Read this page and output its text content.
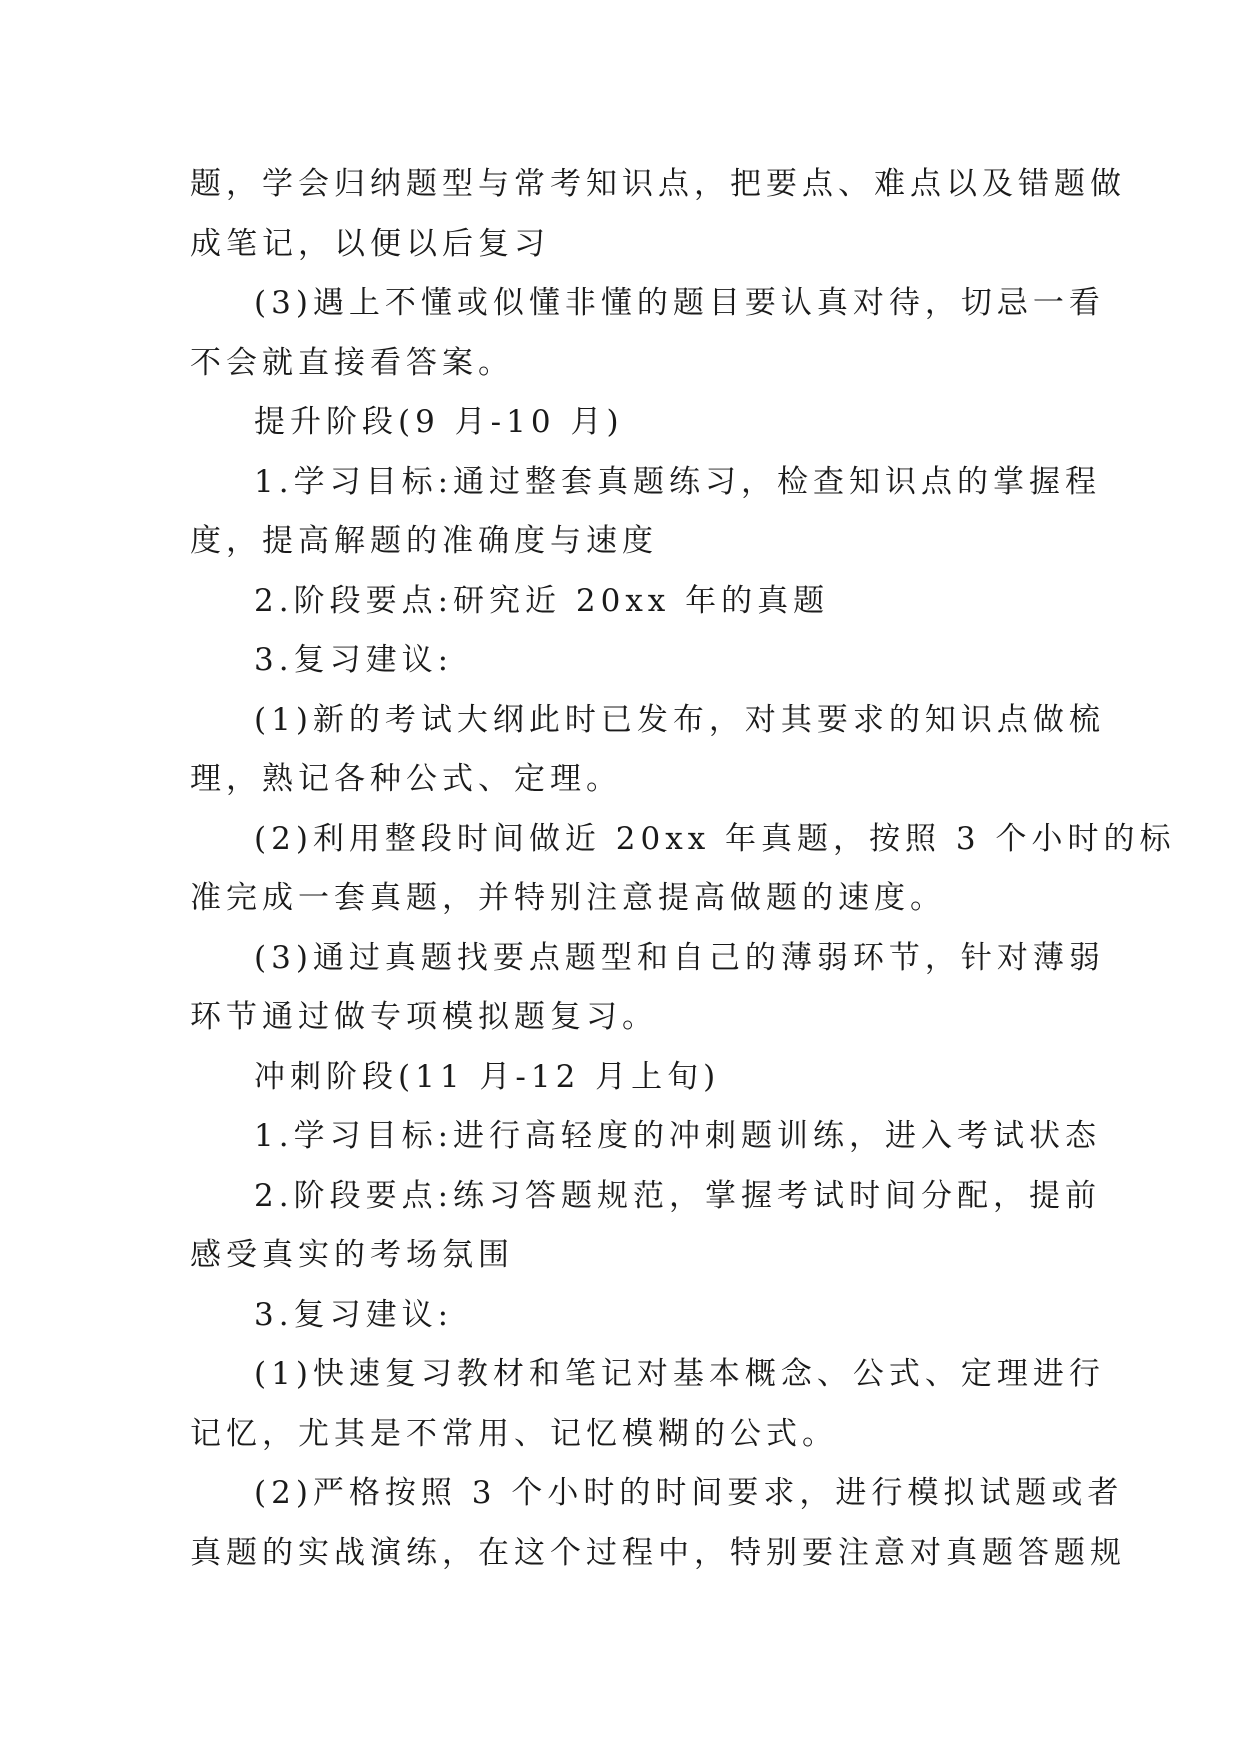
题，学会归纳题型与常考知识点，把要点、难点以及错题做

成笔记，以便以后复习

(3)遇上不懂或似懂非懂的题目要认真对待，切忌一看

不会就直接看答案。

提升阶段(9 月-10 月)

1.学习目标:通过整套真题练习，检查知识点的掌握程

度，提高解题的准确度与速度

2.阶段要点:研究近 20xx 年的真题

3.复习建议:

(1)新的考试大纲此时已发布，对其要求的知识点做梳

理，熟记各种公式、定理。

(2)利用整段时间做近 20xx 年真题，按照 3 个小时的标

准完成一套真题，并特别注意提高做题的速度。

(3)通过真题找要点题型和自己的薄弱环节，针对薄弱

环节通过做专项模拟题复习。

冲刺阶段(11 月-12 月上旬)

1.学习目标:进行高轻度的冲刺题训练，进入考试状态

2.阶段要点:练习答题规范，掌握考试时间分配，提前

感受真实的考场氛围

3.复习建议:

(1)快速复习教材和笔记对基本概念、公式、定理进行

记忆，尤其是不常用、记忆模糊的公式。

(2)严格按照 3 个小时的时间要求，进行模拟试题或者

真题的实战演练，在这个过程中，特别要注意对真题答题规
